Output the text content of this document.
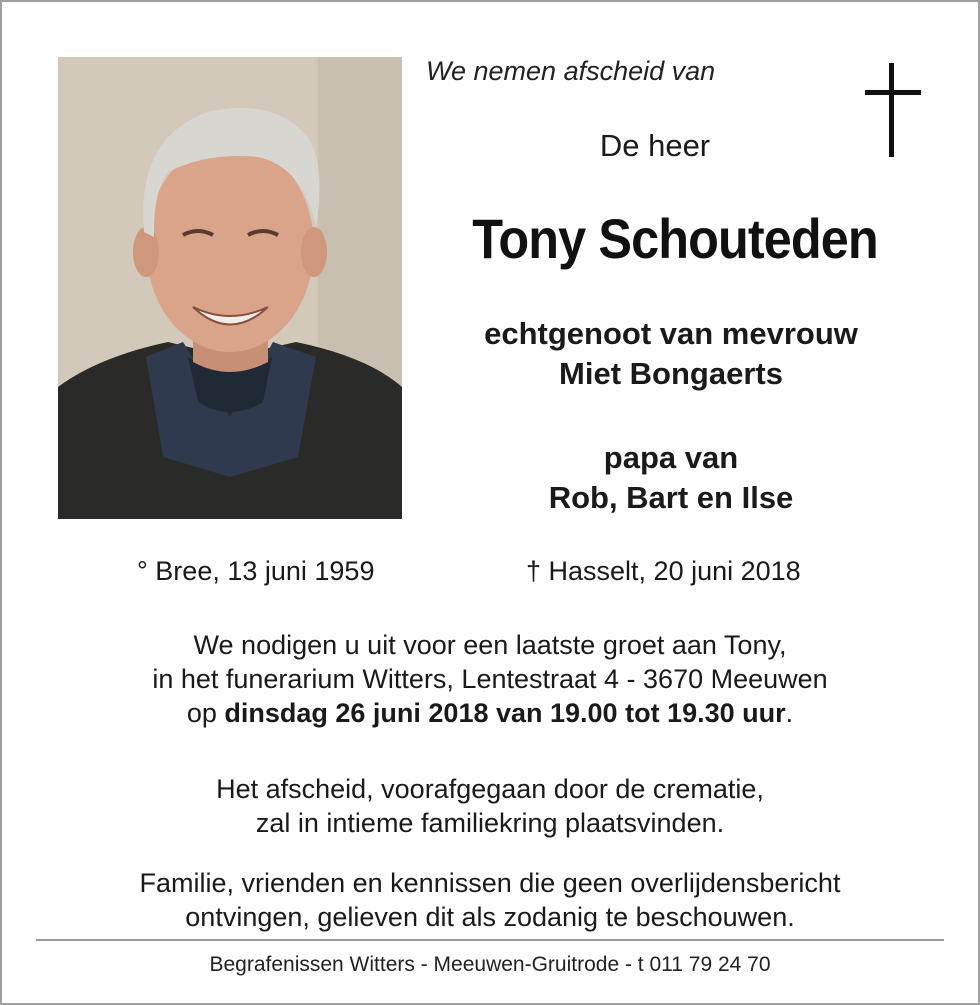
We nemen afscheid van
De heer
Tony Schouteden
echtgenoot van mevrouw
Miet Bongaerts
papa van
Rob, Bart en Ilse
° Bree, 13 juni 1959	† Hasselt, 20 juni 2018
We nodigen u uit voor een laatste groet aan Tony,
in het funerarium Witters, Lentestraat 4 - 3670 Meeuwen
op dinsdag 26 juni 2018 van 19.00 tot 19.30 uur.
Het afscheid, voorafgegaan door de crematie,
zal in intieme familiekring plaatsvinden.
Familie, vrienden en kennissen die geen overlijdensbericht
ontvingen, gelieven dit als zodanig te beschouwen.
Begrafenissen Witters - Meeuwen-Gruitrode - t 011 79 24 70
